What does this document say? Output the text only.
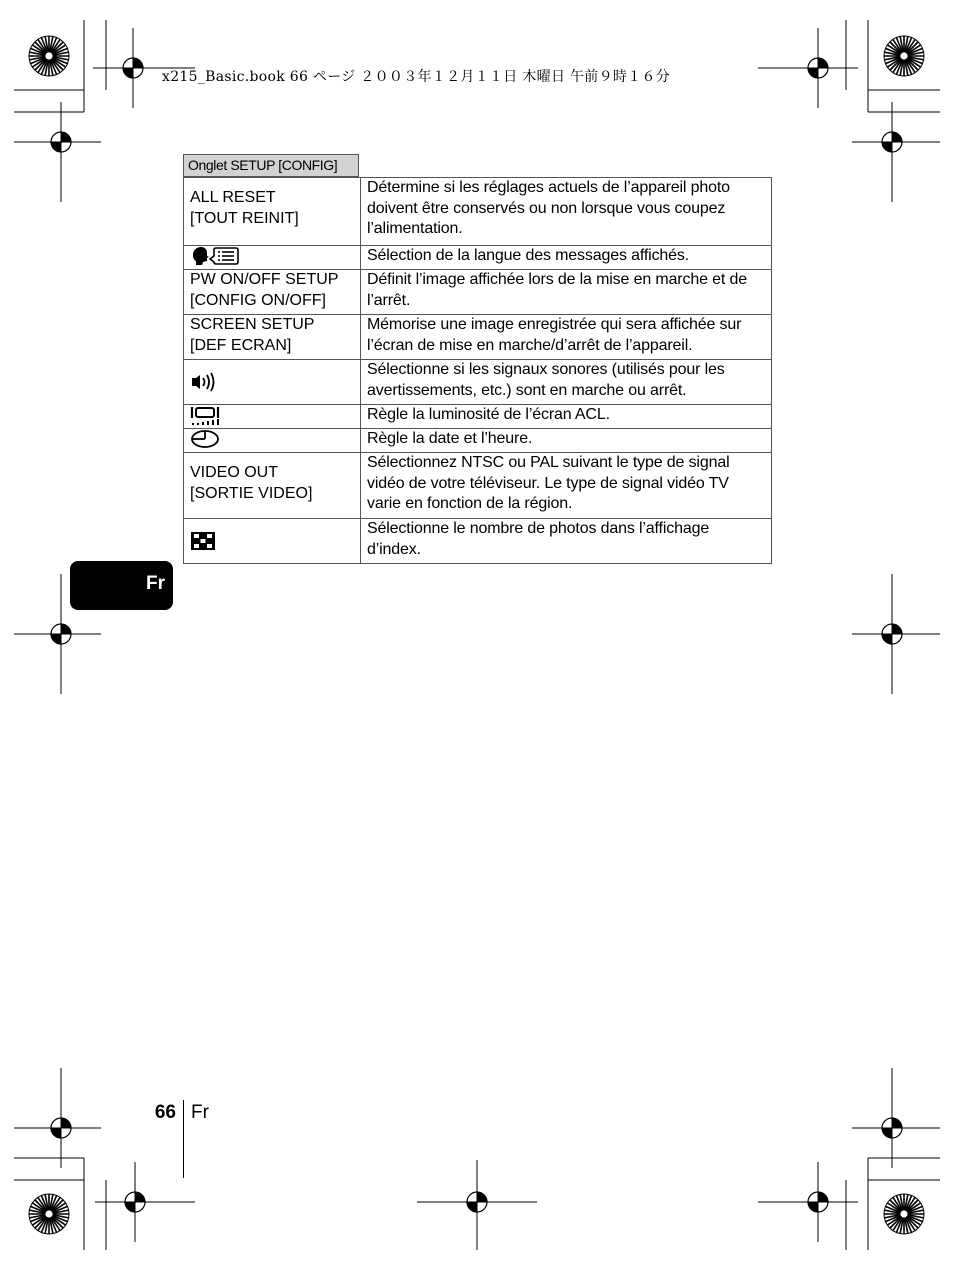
x215_Basic.book 66 ページ ２００３年１２月１１日 木曜日 午前９時１６分
Onglet SETUP [CONFIG]
ALL RESET
[TOUT REINIT]	Détermine si les réglages actuels de l’appareil photo doivent être conservés ou non lorsque vous coupez l’alimentation.

	Sélection de la langue des messages affichés.

PW ON/OFF SETUP
[CONFIG ON/OFF]	Définit l’image affichée lors de la mise en marche et de l’arrêt.

SCREEN SETUP
[DEF ECRAN]	Mémorise une image enregistrée qui sera affichée sur l’écran de mise en marche/d’arrêt de l’appareil.

	Sélectionne si les signaux sonores (utilisés pour les avertissements, etc.) sont en marche ou arrêt.

	Règle la luminosité de l’écran ACL.

	Règle la date et l’heure.

VIDEO OUT
[SORTIE VIDEO]	Sélectionnez NTSC ou PAL suivant le type de signal vidéo de votre téléviseur. Le type de signal vidéo TV varie en fonction de la région.

	Sélectionne le nombre de photos dans l’affichage d’index.
Fr
66 Fr
